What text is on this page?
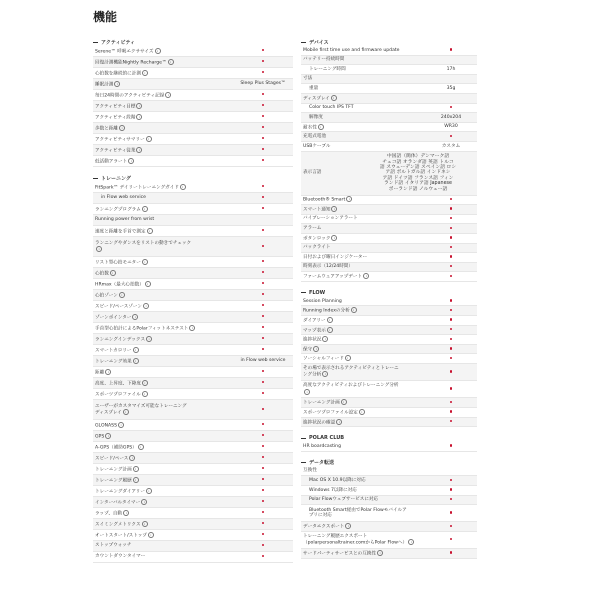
機能
アクティビティ
Serene™ 呼吸エクササイズ i
回復計測機能Nightly Recharge™ i
心拍数を継続的に計測 i
睡眠計測 i	Sleep Plus Stages™
毎日24時間のアクティビティ記録 i
アクティビティ目標 i
アクティビティ段階 i
歩数と距離 i
アクティビティサマリー i
アクティビティ従業 i
低活動アラート i
トレーニング
FitSpark™ デイリートレーニングガイド i
in Flow web service
ランニングプログラム i
Running power from wrist
速度と距離を手首で測定 i
ランニングやダンスをリストの動きでチェック
i
リスト型心拍モニター i
心拍数 i
HRmax（最大心拍数） i
心拍ゾーン i
スピード/ペースゾーン i
ゾーンポインター i
手首型心拍計によるPolarフィットネステスト i
ランニングインデックス i
スマートカロリー i
トレーニング効果 i	in Flow web service
距離 i
高度、上昇度、下降度 i
スポーツプロファイル i
ユーザーがカスタマイズ可能なトレーニング
ディスプレイ i
GLONASS i
GPS i
A-GPS（補助GPS） i
スピード/ペース i
トレーニング計画 i
トレーニング履歴 i
トレーニングダイアリー i
インターバルタイマー i
ラップ、自動 i
スイミングメトリクス i
オートスタート/ストップ i
ストップウォッチ
カウントダウンタイマー
デバイス
Mobile first time use and firmware update
バッテリー持続時間
トレーニング時間	17h
寸法
重量	35g
ディスプレイ i
Color touch IPS TFT
解像度	240x204
耐水性 i	WR30
充電式電池
USBケーブル	カスタム
表示言語
中国語（簡体）デンマーク語
チェコ語 オランダ語 英語 トルコ
語 スウェーデン語 スペイン語 ロシ
ア語 ポルトガル語 インドネシ
ア語 ドイツ語 フランス語 フィン
ランド語 イタリア語 Japanese
ポーランド語 ノルウェー語
Bluetooth® Smart i
スマート通知 i
バイブレーションアラート
アラーム
ボタンロック i
バックライト
日付および曜日インジケーター
時刻表示（12/24時間）
ファームウェアアップデート i
FLOW
Session Planning
Running Indexの分析 i
ダイアリー i
マップ表示 i
進捗状況 i
保守 i
ソーシャルフィード i
その場で表示されるアクティビティとトレーニ
ング分析 i
高度なアクティビティおよびトレーニング分析
i
トレーニング計画 i
スポーツプロファイル設定 i
進捗状況の確認 i
POLAR CLUB
HR boardcasting
データ転送
互換性
Mac OS X 10.9以降に対応
Windows 7以降に対応
Polar Flowウェブサービスに対応
Bluetooth Smart経由でPolar Flowモバイルア
プリに対応
データエクスポート i
トレーニング履歴エクスポート
（polarpersonaltrainer.comからPolar Flowへ） i
サードパーティサービスとの互換性 i
